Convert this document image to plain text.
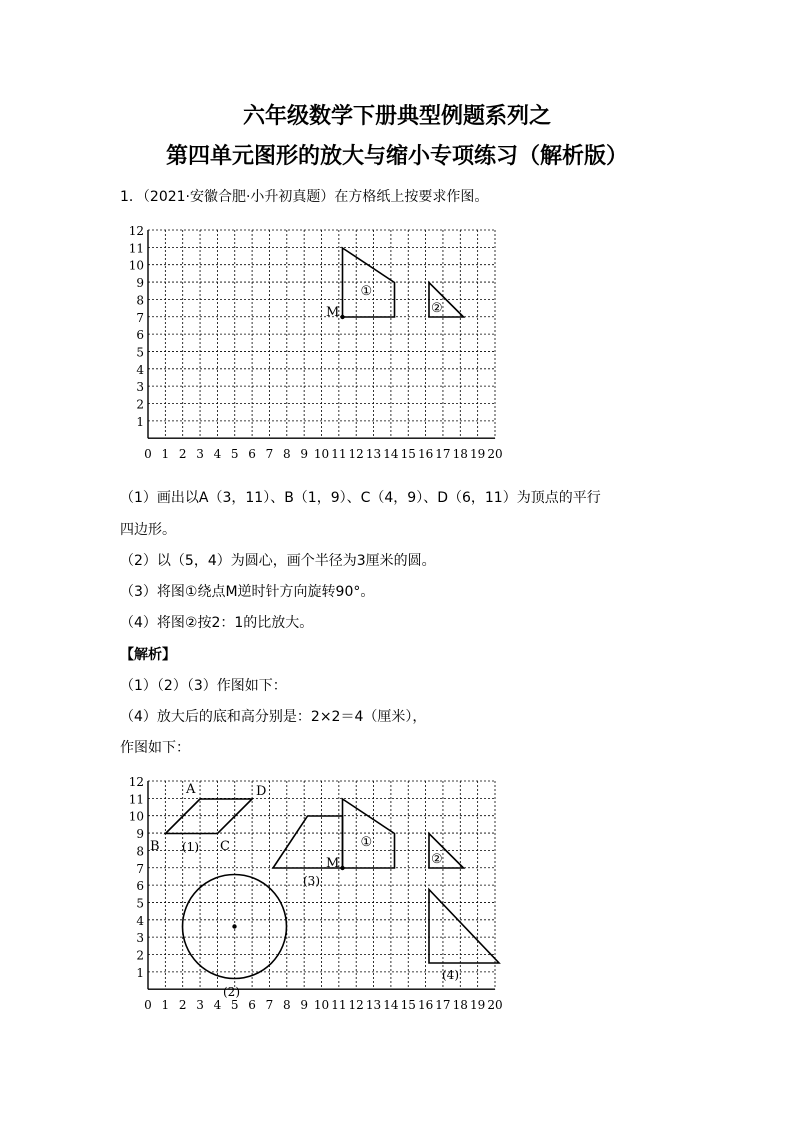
六年级数学下册典型例题系列之
第四单元图形的放大与缩小专项练习（解析版）
1．（2021·安徽合肥·小升初真题）在方格纸上按要求作图。
1
2
3
4
5
6
7
8
9
10
11
12
0 1 2 3 4 5 6 7 8 9 10 11 12 13 14 15 16 17 18 19 20
M
①
②
（1）画出以A（3，11）、B（1，9）、C（4，9）、D（6，11）为顶点的平行
四边形。
（2）以（5，4）为圆心，画个半径为3厘米的圆。
（3）将图①绕点M逆时针方向旋转90°。
（4）将图②按2：1的比放大。
【解析】
（1）（2）（3）作图如下：
（4）放大后的底和高分别是：2×2＝4（厘米），
作图如下：
1
2
3
4
5
6
7
8
9
10
11
12
0 1 2 3 4 5 6 7 8 9 10 11 12 13 14 15 16 17 18 19 20
A
B	C
D
(1)
(2)
(3)
M
①
②
(4)
